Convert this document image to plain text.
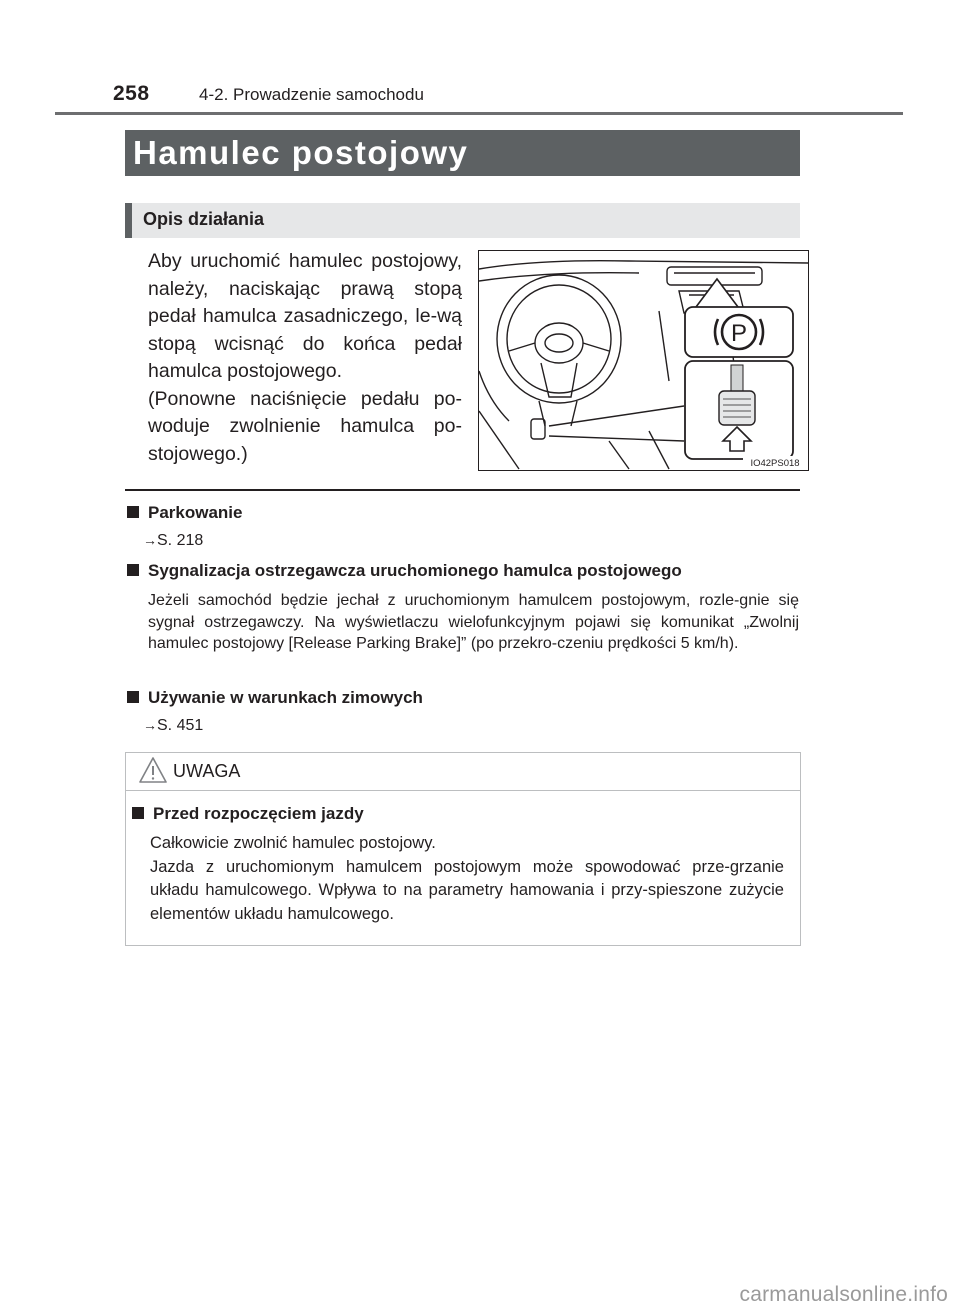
258	4-2. Prowadzenie samochodu
Hamulec postojowy
Opis działania

Aby uruchomić hamulec postojowy, należy, naciskając prawą stopą pedał hamulca zasadniczego, le-wą stopą wcisnąć do końca pedał hamulca postojowego.

(Ponowne naciśnięcie pedału po-woduje zwolnienie hamulca po-stojowego.)

P
IO42PS018
Parkowanie
→S. 218
Sygnalizacja ostrzegawcza uruchomionego hamulca postojowego
Jeżeli samochód będzie jechał z uruchomionym hamulcem postojowym, rozle-gnie się sygnał ostrzegawczy. Na wyświetlaczu wielofunkcyjnym pojawi się komunikat „Zwolnij hamulec postojowy [Release Parking Brake]” (po przekro-czeniu prędkości 5 km/h).
Używanie w warunkach zimowych
→S. 451
UWAGA
Przed rozpoczęciem jazdy

Całkowicie zwolnić hamulec postojowy.

Jazda z uruchomionym hamulcem postojowym może spowodować prze-grzanie układu hamulcowego. Wpływa to na parametry hamowania i przy-spieszone zużycie elementów układu hamulcowego.

carmanualsonline.info
